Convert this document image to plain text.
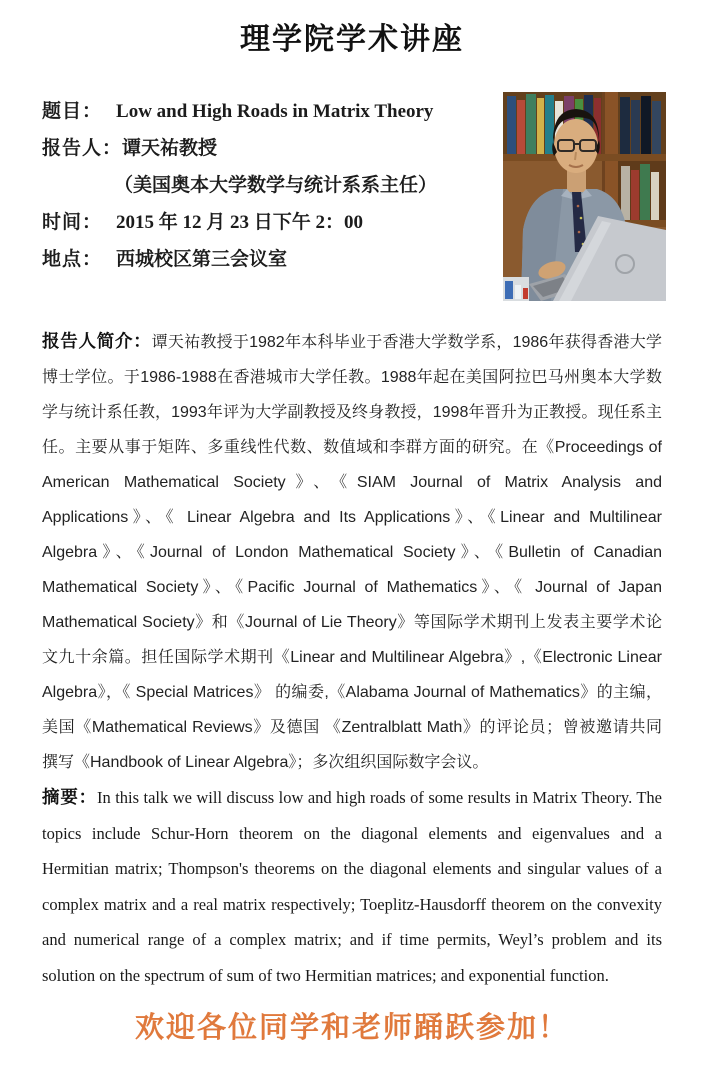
理学院学术讲座
题目： Low and High Roads in Matrix Theory
报告人：谭天祐教授
（美国奥本大学数学与统计系系主任）
时间： 2015 年 12 月 23 日下午 2：00
地点： 西城校区第三会议室

报告人简介：谭天祐教授于1982年本科毕业于香港大学数学系，1986年获得香港大学博士学位。于1986-1988在香港城市大学任教。1988年起在美国阿拉巴马州奥本大学数学与统计系任教，1993年评为大学副教授及终身教授，1998年晋升为正教授。现任系主任。主要从事于矩阵、多重线性代数、数值域和李群方面的研究。在《Proceedings of American Mathematical Society》、《SIAM Journal of Matrix Analysis and Applications》、《 Linear Algebra and Its Applications》、《Linear and Multilinear Algebra》、《Journal of London Mathematical Society》、《Bulletin of Canadian Mathematical Society》、《Pacific Journal of Mathematics》、《 Journal of Japan Mathematical Society》和《Journal of Lie Theory》等国际学术期刊上发表主要学术论文九十余篇。担任国际学术期刊《Linear and Multilinear Algebra》,《Electronic Linear Algebra》，《 Special Matrices》 的编委,《Alabama Journal of Mathematics》的主编，美国《Mathematical Reviews》及德国 《Zentralblatt Math》的评论员；曾被邀请共同撰写《Handbook of Linear Algebra》；多次组织国际数字会议。

摘要：In this talk we will discuss low and high roads of some results in Matrix Theory. The topics include Schur-Horn theorem on the diagonal elements and eigenvalues and a Hermitian matrix; Thompson's theorems on the diagonal elements and singular values of a complex matrix and a real matrix respectively; Toeplitz-Hausdorff theorem on the convexity and numerical range of a complex matrix; and if time permits, Weyl’s problem and its solution on the spectrum of sum of two Hermitian matrices; and exponential function.

欢迎各位同学和老师踊跃参加！
